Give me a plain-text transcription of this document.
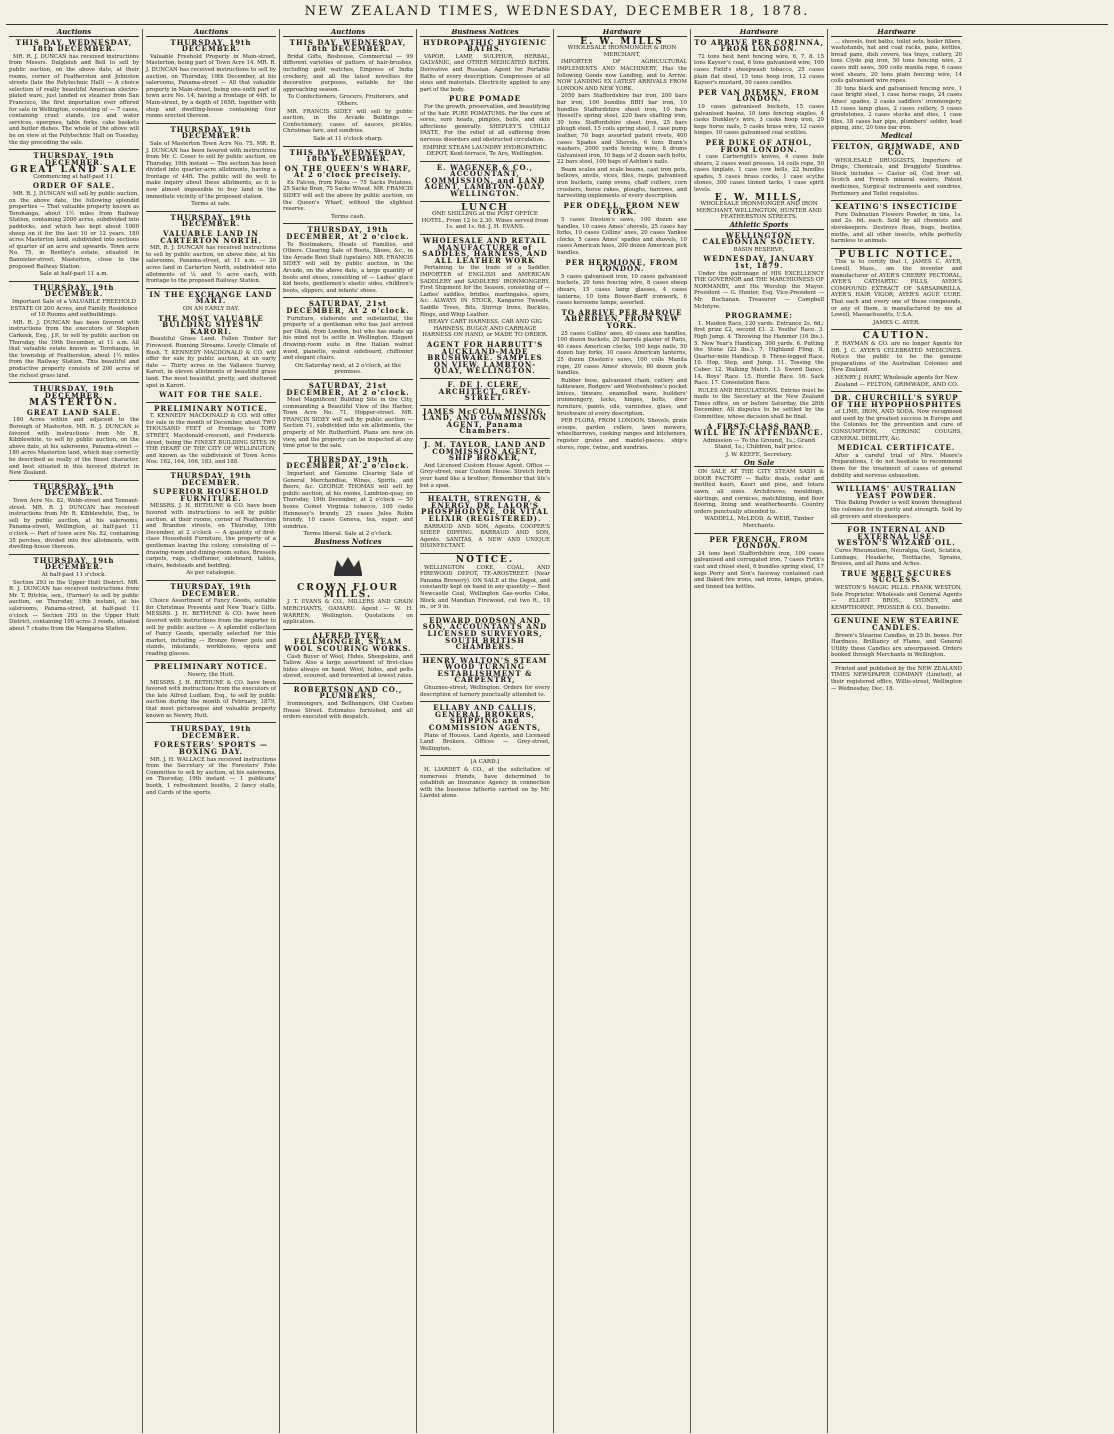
NEW ZEALAND TIMES, WEDNESDAY, DECEMBER 18, 1878.
Auctions
THIS DAY, WEDNESDAY, 18th DECEMBER.
MR. R. J. DUNCAN has received instructions from Messrs. Dalgleish and Bell to sell by public auction, on the above date, at their rooms, corner of Featherston and Johnston streets (late the Polytechnic Hall) — A choice selection of really beautiful American electro-plated ware, just landed ex steamer from San Francisco, the first importation ever offered for sale in Wellington, consisting of — 7 cases, containing cruet stands, ice and water services, epergnes, table forks, cake baskets and butter dishes. The whole of the above will be on view at the Polytechnic Hall on Tuesday, the day preceding the sale.
THURSDAY, 19th DECEMBER.
GREAT LAND SALE
Commencing at half-past 11.
ORDER OF SALE.
MR. R. J. DUNCAN will sell by public auction, on the above date, the following splendid properties — That valuable property known as Torohanga, about 1½ miles from Railway Station, containing 2000 acres, subdivided into paddocks, and which has kept about 1000 sheep on it for the last 10 or 12 years. 180 acres Masterton land, subdivided into sections of quarter of an acre and upwards. Town acre No. 75, in Beetley's estate, situated in Bannister-street, Masterton, close to the proposed Railway Station.
Sale at half-past 11 a.m.
THURSDAY, 19th DECEMBER.
Important Sale of a VALUABLE FREEHOLD ESTATE Of 200 Acres, and Family Residence of 10 Rooms and outbuildings.
MR. R. J. DUNCAN has been favored with instructions from the executors of Stephen Carkeek, Esq., J.P., to sell by public auction on Thursday, the 19th December, at 11 a.m. All that valuable estate known as Torohanga, in the township of Featherston, about 1½ miles from the Railway Station. This beautiful and productive property consists of 200 acres of the richest grass land.
THURSDAY, 19th DECEMBER.
MASTERTON.
GREAT LAND SALE.
180 Acres within and adjacent to the Borough of Masterton. MR. R. J. DUNCAN is favored with instructions from Mr. R. Kibblewhite, to sell by public auction, on the above date, at his salerooms, Panama-street — 180 acres Masterton land, which may correctly be described as really of the finest character, and best situated in this favored district in New Zealand.
THURSDAY, 19th DECEMBER.
Town Acre No. 82, Webb-street and Tennant-street. MR. R. J. DUNCAN has received instructions from Mr. R. Kibblewhite, Esq., to sell by public auction, at his salerooms, Panama-street, Wellington, at half-past 11 o'clock — Part of town acre No. 82, containing 35 perches, divided into five allotments, with dwelling-house thereon.
THURSDAY, 19th DECEMBER.
At half-past 11 o'clock.
Section 293 in the Upper Hutt District. MR. R. J. DUNCAN has received instructions from Mr. T. Ritchie, sen., (Farmer) to sell by public auction, on Thursday, 19th instant, at his salerooms, Panama-street, at half-past 11 o'clock — Section 293 in the Upper Hutt District, containing 100 acres 3 roods, situated about 7 chains from the Mangaroa Station.
Auctions
THURSDAY, 19th DECEMBER.
Valuable Freehold Property in Main-street, Masterton, being part of Town Acre 14. MR. R. J. DUNCAN has received instructions to sell by auction, on Thursday, 19th December, at his salerooms, Panama-street — All that valuable property in Main-street, being one-sixth part of town acre No. 14, having a frontage of 44ft. to Main-street, by a depth of 165ft. together with shop and dwelling-house containing four rooms erected thereon.
THURSDAY, 19th DECEMBER.
Sale of Masterton Town Acre No. 75. MR. R. J. DUNCAN has been favored with instructions from Mr. C. Coser to sell by public auction, on Thursday, 19th instant — The section has been divided into quarter-acre allotments, having a frontage of 44ft. The public will do well to make inquiry about these allotments, as it is now almost impossible to buy land in the immediate vicinity of the proposed station.
Terms at sale.
THURSDAY, 19th DECEMBER.
VALUABLE LAND IN CARTERTON NORTH.
MR. R. J. DUNCAN has received instructions to sell by public auction, on above date, at his salerooms, Panama-street, at 11 a.m. — 20 acres land in Carterton North, subdivided into allotments of ¼ and ½ acre each, with frontage to the proposed Railway Station.
IN THE EXCHANGE LAND MART.
ON AN EARLY DAY.
THE MOST VALUABLE BUILDING SITES IN KARORI.
Beautiful Grass Land. Fallen Timber for Firewood. Running Streams. Lovely Climate of Bush. T. KENNEDY MACDONALD & CO. will offer for sale by public auction, at an early date — Thirty acres in the Vallance Survey, Karori, in eleven allotments of beautiful grass land. The most beautiful, pretty, and sheltered spot in Karori.
WAIT FOR THE SALE.
PRELIMINARY NOTICE.
T. KENNEDY MACDONALD & CO. will offer for sale in the month of December, about TWO THOUSAND FEET of Frontage to TORY STREET, Macdonald-crescent, and Frederick-street, being the FINEST BUILDING SITES IN THE HEART OF THE CITY OF WELLINGTON, and known as the subdivision of Town Acres Nos. 162, 164, 166, 183, and 188.
THURSDAY, 19th DECEMBER.
SUPERIOR HOUSEHOLD FURNITURE.
MESSRS. J. H. BETHUNE & CO. have been favored with instructions to sell by public auction, at their rooms, corner of Featherston and Brandon streets, on Thursday, 19th December, at 2 o'clock — A quantity of first-class Household Furniture, the property of a gentleman leaving the colony, consisting of — drawing-room and dining-room suites, Brussels carpets, rugs, cheffonier, sideboard, tables, chairs, bedsteads and bedding.
As per catalogue.
THURSDAY, 19th DECEMBER.
Choice Assortment of Fancy Goods, suitable for Christmas Presents and New Year's Gifts. MESSRS. J. H. BETHUNE & CO. have been favored with instructions from the importer to sell by public auction — A splendid collection of Fancy Goods, specially selected for this market, including — Bronze flower pots and stands, inkstands, workboxes, opera and reading glasses.
PRELIMINARY NOTICE.
Newry, the Hutt.
MESSRS. J. H. BETHUNE & CO. have been favored with instructions from the executors of the late Alfred Ludlam, Esq., to sell by public auction during the month of February, 1879, that most picturesque and valuable property known as Newry, Hutt.
THURSDAY, 19th DECEMBER.
FORESTERS' SPORTS — BOXING DAY.
MR. J. H. WALLACE has received instructions from the Secretary of the Foresters' Fete Committee to sell by auction, at his salerooms, on Thursday, 19th instant — 1 publicans' booth, 1 refreshment booths, 2 fancy stalls, and Cards of the sports.
Auctions
THIS DAY, WEDNESDAY, 18th DECEMBER.
Bridal Gifts, Boshouse, Commercial — 99 different varieties of pattern of hair-brushes, including gold watches, Empress of India crockery, and all the latest novelties for decorative purposes, suitable for the approaching season.
To Confectioners, Grocers, Fruiterers, and Others.
MR. FRANCIS SIDEY will sell by public auction, in the Arcade Buildings — Confectionery, cases of sauces, pickles, Christmas fare, and sundries.
Sale at 11 o'clock sharp.
THIS DAY, WEDNESDAY, 18th DECEMBER.
ON THE QUEEN'S WHARF, At 2 o'clock precisely.
Ex Falcon, from Patea — 75 Sacks Potatoes, 25 Sacks Bran, 75 Sacks Wheat. MR. FRANCIS SIDEY will sell the above by public auction, on the Queen's Wharf, without the slightest reserve.
Terms cash.
THURSDAY, 19th DECEMBER, At 2 o'clock.
To Bootmakers, Heads of Families, and Others. Clearing Sale of Boots, Shoes, &c., in the Arcade Boot Stall (upstairs). MR. FRANCIS SIDEY will sell by public auction, in the Arcade, on the above date, a large quantity of boots and shoes, consisting of — Ladies' glacé kid boots, gentlemen's elastic sides, children's boots, slippers, and infants' shoes.
SATURDAY, 21st DECEMBER, At 2 o'clock.
Furniture, elaborate and substantial, the property of a gentleman who has just arrived per Otaki, from London, but who has made up his mind not to settle in Wellington. Elegant drawing-room suite in fine Italian walnut wood, pianette, walnut sideboard, chiffonier and elegant chairs.
On Saturday next, at 2 o'clock, at the premises.
SATURDAY, 21st DECEMBER, At 2 o'clock.
Most Magnificent Building Site in the City, commanding a Beautiful View of the Harbor, Town Acre No. 71, Hopper-street. MR. FRANCIS SIDEY will sell by public auction — Section 71, subdivided into six allotments, the property of Mr. Rutherfurd. Plans are now on view, and the property can be inspected at any time prior to the sale.
THURSDAY, 19th DECEMBER, At 2 o'clock.
Important and Genuine Clearing Sale of General Merchandise, Wines, Spirits, and Beers, &c. GEORGE THOMAS will sell by public auction, at his rooms, Lambton-quay, on Thursday, 19th December, at 2 o'clock — 50 boxes Comet Virginia tobacco, 100 casks Hennessy's brandy, 25 cases Jules Robin brandy, 10 cases Geneva, tea, sugar, and sundries.
Terms liberal. Sale at 2 o'clock.
Business Notices
CROWN FLOUR MILLS.
J. T. EVANS & CO., MILLERS AND GRAIN MERCHANTS, OAMARU. Agent — W. H. WARREN, Wellington. Quotations on application.
ALFRED TYER, FELLMONGER, STEAM WOOL SCOURING WORKS.
Cash Buyer of Wool, Hides, Sheepskins, and Tallow. Also a large assortment of first-class hides always on hand. Wool, hides, and pelts stored, scoured, and forwarded at lowest rates.
ROBERTSON AND CO., PLUMBERS,
Ironmongers, and Bellhangers, Old Custom House Street. Estimates furnished, and all orders executed with despatch.
Business Notices
HYDROPATHIC HYGIENIC BATHS.
VAPOR, LAMP, SULPHUR, HERBAL, GALVANIC, and OTHER MEDICATED BATHS. Derivative and Russian. Agent for Portable Baths of every description. Compresses of all sizes and materials. Electricity applied to any part of the body.
PURE POMADE
For the growth, preservation, and beautifying of the hair. PURE POMATUMS. For the cure of sores, sore heads, pimples, boils, and skin affections generally. SHEPLEY'S CHILLI PASTE, For the relief of all suffering from nervous disorders and obstructed circulation.
EMPIRE STEAM LAUNDRY HYDROPATHIC DEPOT, Kent-terrace, Te Aro, Wellington.
E. WAGENER & CO., ACCOUNTANT, COMMISSION, and LAND AGENT, LAMBTON-QUAY, WELLINGTON.
LUNCH
ONE SHILLING at the POST OFFICE HOTEL. From 12 to 2.30. Wines served from 1s. and 1s. 6d. J. H. EVANS.
WHOLESALE AND RETAIL MANUFACTURER of SADDLES, HARNESS, AND ALL LEATHER WORK
Pertaining to the trade of a Saddler. IMPORTER of ENGLISH and AMERICAN SADDLERY and SADDLERS' IRONMONGERY. First Shipment for the Season, consisting of — Ladies' saddles, bridles, martingales, spurs, &c. ALWAYS IN STOCK, Kangaroo Tweeds, Saddle Trees, Bits, Stirrup Irons, Buckles, Rings, and Whip Leather.
HEAVY CART HARNESS, CAB AND GIG HARNESS, BUGGY AND CARRIAGE HARNESS ON HAND, or MADE TO ORDER.
AGENT FOR HARBUTT'S AUCKLAND-MADE BRUSHWARE. SAMPLES ON VIEW. LAMBTON-QUAY, WELLINGTON.
F. DE J. CLERE, ARCHITECT, GREY-STREET.
JAMES McCOLL, MINING, LAND, AND COMMISSION AGENT, Panama Chambers.
J. M. TAYLOR, LAND AND COMMISSION AGENT, SHIP BROKER,
And Licensed Custom House Agent. Office — Grey-street, near Custom House. Stretch forth your hand like a brother; Remember that life's but a span.
HEALTH, STRENGTH, & ENERGY. DR. LALOR'S PHOSPHODYNE, OR VITAL ELIXIR (REGISTERED).
BARRAUD AND SON, Agents. COOPER'S SHEEP DIPPING, BARRAUD AND SON, Agents. SANITAS, A NEW AND UNIQUE DISINFECTANT.
NOTICE.
WELLINGTON COKE, COAL, AND FIREWOOD DEPOT, TE-AROSTREET. (Near Panama Brewery). ON SALE at the Depot, and constantly kept on hand in any quantity — Best Newcastle Coal, Wellington Gas-works Coke, Block and Mandian Firewood, cut two ft., 18 in., or 9 in.
EDWARD DODSON AND SON, ACCOUNTANTS AND LICENSED SURVEYORS, SOUTH BRITISH CHAMBERS.
HENRY WALTON'S STEAM WOOD TURNING ESTABLISHMENT & CARPENTRY,
Ghuznee-street, Wellington. Orders for every description of turnery punctually attended to.
ELLABY AND CALLIS, GENERAL BROKERS, SHIPPING and COMMISSION AGENTS,
Plans of Houses, Land Agents, and Licensed Land Brokers. Offices — Grey-street, Wellington.
[A CARD.]
H. LIARDET & CO., at the solicitation of numerous friends, have determined to establish an Insurance Agency in connection with the business hitherto carried on by Mr. Liardet alone.
Hardware
E. W. MILLS
WHOLESALE IRONMONGER & IRON MERCHANT,
IMPORTER OF AGRICULTURAL IMPLEMENTS AND MACHINERY, Has the following Goods now Landing, and to Arrive. NOW LANDING EX LATEST ARRIVALS FROM LONDON AND NEW YORK.
2050 bars Staffordshire bar iron, 200 bars bar iron, 100 bundles BBH bar iron, 10 bundles Staffordshire sheet iron, 10 bars Hessell's spring steel, 220 bars shafting iron, 30 tons Staffordshire sheet iron, 25 bars plough steel, 15 coils spring steel, 1 case pump leather, 70 bags assorted patent rivets, 400 cases Spades and Shovels, 6 tons Bunn's washers, 2000 yards fencing wire, 8 drums Galvanised iron, 10 bags of 2 dozen each bolts, 22 bars steel, 100 bags of Ashton's nails.
Beam scales and scale beams, cast iron pots, bellows, anvils, vices, files, rasps, galvanised iron buckets, camp ovens, chaff cutters, corn crushers, horse rakes, ploughs, harrows, and harvesting implements of every description.
PER ODELL, FROM NEW YORK.
5 cases Disston's saws, 100 dozen axe handles, 10 cases Ames' shovels, 25 cases hay forks, 10 cases Collins' axes, 20 cases Yankee clocks, 5 cases Ames' spades and shovels, 10 cases American hoes, 200 dozen American pick handles.
PER HERMIONE, FROM LONDON.
5 cases galvanised iron, 10 cases galvanised buckets, 20 tons fencing wire, 8 cases sheep shears, 15 cases lamp glasses, 4 cases lanterns, 10 tons Bower-Barff ironwork, 6 cases kerosene lamps, assorted.
TO ARRIVE PER BARQUE ABERDEEN, FROM NEW YORK.
25 cases Collins' axes, 40 cases axe handles, 100 dozen buckets, 20 barrels plaster of Paris, 40 cases American clocks, 100 kegs nails, 50 dozen hay forks, 10 cases American lanterns, 25 dozen Disston's saws, 100 coils Manila rope, 20 cases Ames' shovels, 60 dozen pick handles.
Rubber hose, galvanised chain, cutlery and tableware, Rodgers' and Wostenholme's pocket knives, tinware, enamelled ware, builders' ironmongery, locks, hinges, bolts, door furniture, paints, oils, varnishes, glass, and brushware of every description.
PER FLORA, FROM LONDON. Shovels, grain scoops, garden rollers, lawn mowers, wheelbarrows, cooking ranges and kitcheners, register grates and mantel-pieces, ship's stores, rope, twine, and sundries.
Hardware
TO ARRIVE PER CORINNA, FROM LONDON.
72 tons best bent fencing wire, 6, 7, 8. 15 tons Kayser's coal, 6 tons galvanised wire, 100 cases Field's sheepwash tobacco, 25 cases plain flat steel, 15 tons hoop iron, 12 cases Kayser's mustard, 50 cases candles.
PER VAN DIEMEN, FROM LONDON.
10 cases galvanised buckets, 15 cases galvanised basins, 10 tons fencing staples, 4 casks Dunkley's wire, 3 casks hoop iron, 20 kegs horse nails, 5 casks brass wire, 12 cases hinges, 10 cases galvanised coal scuttles.
PER DUKE OF ATHOL, FROM LONDON.
1 case Cartwright's knives, 4 cases bale shears, 2 cases wool presses, 14 coils rope, 50 cases tinplate, 1 case cow bells, 22 bundles spades, 5 cases brass cocks, 1 case scythe stones, 300 cases tinned tacks, 1 case spirit levels.
E. W. MILLS,
WHOLESALE IRONMONGER AND IRON MERCHANT, WELLINGTON, HUNTER AND FEATHERSTON STREETS.
Athletic Sports
WELLINGTON CALEDONIAN SOCIETY.
BASIN RESERVE,
WEDNESDAY, JANUARY 1st, 1879.
Under the patronage of HIS EXCELLENCY THE GOVERNOR and THE MARCHIONESS OF NORMANBY, and His Worship the Mayor. President — G. Hunter, Esq. Vice-President — Mr. Buchanan. Treasurer — Campbell McIntyre.
PROGRAMME:
1. Maiden Race, 120 yards. Entrance 2s. 6d.; first prize £2, second £1. 2. Youths' Race. 3. High Jump. 4. Throwing the Hammer (16 lbs.). 5. New Year's Handicap, 300 yards. 6. Putting the Stone (22 lbs.). 7. Highland Fling. 8. Quarter-mile Handicap. 9. Three-legged Race. 10. Hop, Step, and Jump. 11. Tossing the Caber. 12. Walking Match. 13. Sword Dance. 14. Boys' Race. 15. Hurdle Race. 16. Sack Race. 17. Consolation Race.
RULES AND REGULATIONS. Entries must be made to the Secretary at the New Zealand Times office, on or before Saturday, the 28th December. All disputes to be settled by the Committee, whose decision shall be final.
A FIRST-CLASS BAND WILL BE IN ATTENDANCE.
Admission — To the Ground, 1s.; Grand Stand, 1s.; Children, half price.
J. W. KEEFE, Secretary.
On Sale
ON SALE AT THE CITY STEAM SASH & DOOR FACTORY — Baltic deals, cedar and mottled kauri, Kauri and pine, and totara sawn, all sizes. Architraves, mouldings, skirtings, and cornices, matchlining, and floor flooring, lining and weatherboards. Country orders punctually attended to.
WADDELL, McLEOD, & WEIR, Timber Merchants.
PER FRENCH, FROM LONDON.
24 tons best Staffordshire iron, 100 cases galvanised and corrugated iron, 7 cases Firth's cast and chisel steel, 6 bundles spring steel, 17 kegs Perry and Son's faceway contained cast and flaked fire irons, sad irons, lamps, grates, and tinned tea kettles.
Hardware
... shovels, foot baths, toilet sets, boiler fillers, washstands, hat and coat racks, pans, kettles, bread pans, dish covers, tea trays, cutlery, 20 tons Clyde pig iron, 50 tons fencing wire, 2 cases mill saws, 300 coils manila rope, 6 cases wool shears, 20 tons plain fencing wire, 14 coils galvanised wire ropes.
30 tons black and galvanised fencing wire, 1 case bright steel, 1 case horse rasps, 24 cases Ames' spades, 2 casks saddlers' ironmongery, 15 cases lamp glass, 2 cases cutlery, 5 cases grindstones, 2 cases stocks and dies, 1 case files, 18 cases bar pipe, plumbers' solder, lead piping, zinc, 20 tons bar iron.
Medical
FELTON, GRIMWADE, AND CO.
WHOLESALE DRUGGISTS, Importers of Drugs, Chemicals, and Druggists' Sundries. Stock includes — Castor oil, Cod liver oil, Scotch and French mineral waters, Patent medicines, Surgical instruments and sundries, Perfumery and Toilet requisites.
KEATING'S INSECTICIDE
Pure Dalmatian Flowers Powder, in tins, 1s. and 2s. 6d. each. Sold by all chemists and storekeepers. Destroys fleas, bugs, beetles, moths, and all other insects, while perfectly harmless to animals.
PUBLIC NOTICE.
This is to certify that I, JAMES C. AYER, Lowell, Mass., am the inventor and manufacturer of AYER'S CHERRY PECTORAL, AYER'S CATHARTIC PILLS, AYER'S COMPOUND EXTRACT OF SARSAPARILLA, AYER'S HAIR VIGOR, AYER'S AGUE CURE. That each and every one of these compounds, or any of them, is manufactured by me at Lowell, Massachusetts, U.S.A.
JAMES C. AYER.
CAUTION.
F. HAYMAN & CO. are no longer Agents for DR. J. C. AYER'S CELEBRATED MEDICINES. Notice the public to be the genuine preparations of the Australian Colonies and New Zealand.
HENRY J. HART, Wholesale agents for New Zealand — FELTON, GRIMWADE, AND CO.
DR. CHURCHILL'S SYRUP OF THE HYPOPHOSPHITES
of LIME, IRON, AND SODA. Now recognised and used by the greatest success in Europe and the Colonies for the prevention and cure of CONSUMPTION, CHRONIC COUGHS, GENERAL DEBILITY, &c.
MEDICAL CERTIFICATE.
After a careful trial of Mrs. Moore's Preparations, I do not hesitate to recommend them for the treatment of cases of general debility and nervous exhaustion.
WILLIAMS' AUSTRALIAN YEAST POWDER.
This Baking Powder is well known throughout the colonies for its purity and strength. Sold by all grocers and storekeepers.
FOR INTERNAL AND EXTERNAL USE. WESTON'S WIZARD OIL.
Cures Rheumatism, Neuralgia, Gout, Sciatica, Lumbago, Headache, Toothache, Sprains, Bruises, and all Pains and Aches.
TRUE MERIT SECURES SUCCESS.
WESTON'S MAGIC PILLS. FRANK WESTON, Sole Proprietor. Wholesale and General Agents — ELLIOT BROS., SYDNEY, and KEMPTHORNE, PROSSER & CO., Dunedin.
GENUINE NEW STEARINE CANDLES.
Brown's Stearine Candles, in 25 lb. boxes. For Hardness, Brilliancy of Flame, and General Utility these Candles are unsurpassed. Orders booked through Merchants in Wellington.
Printed and published by the NEW ZEALAND TIMES NEWSPAPER COMPANY (Limited), at their registered office, Willis-street, Wellington — Wednesday, Dec. 18.
